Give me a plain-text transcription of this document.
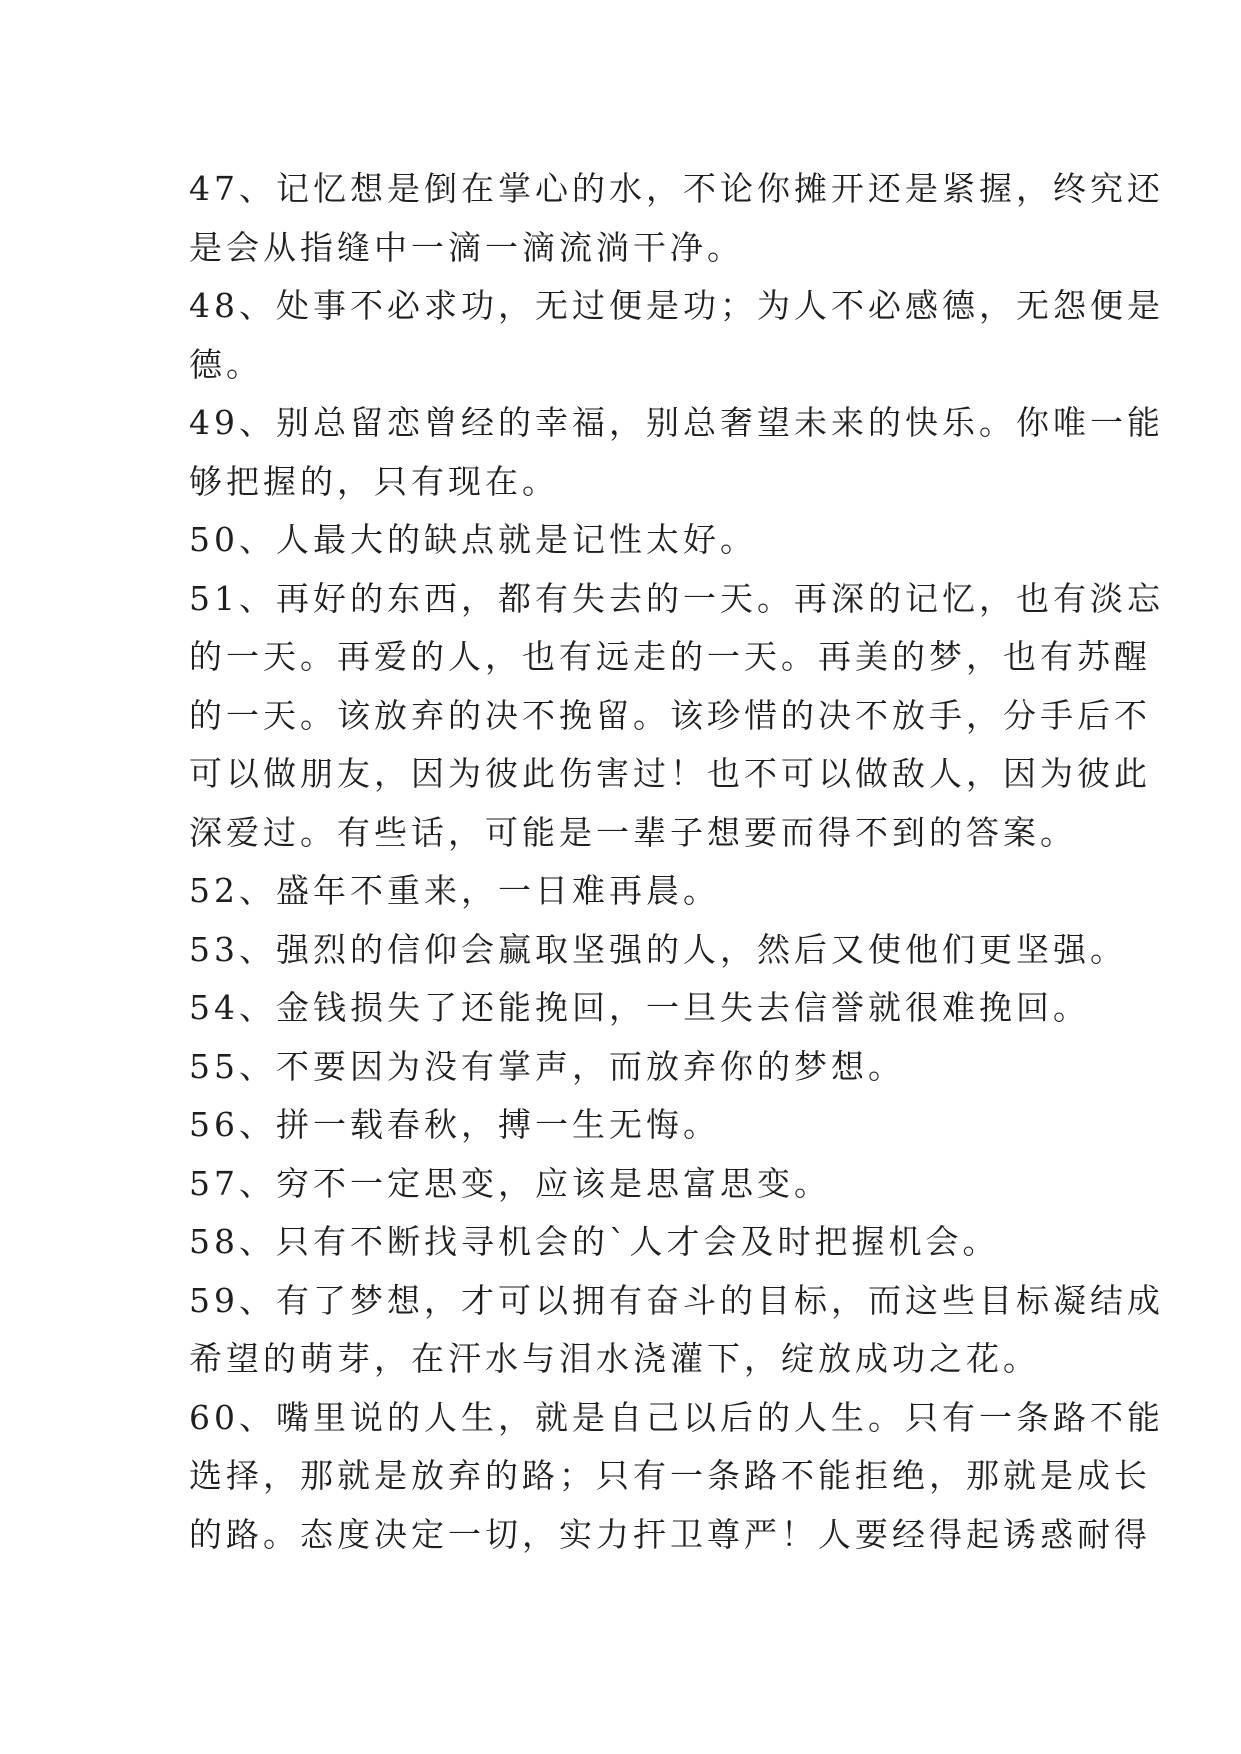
47、记忆想是倒在掌心的水，不论你摊开还是紧握，终究还
是会从指缝中一滴一滴流淌干净。
48、处事不必求功，无过便是功；为人不必感德，无怨便是
德。
49、别总留恋曾经的幸福，别总奢望未来的快乐。你唯一能
够把握的，只有现在。
50、人最大的缺点就是记性太好。
51、再好的东西，都有失去的一天。再深的记忆，也有淡忘
的一天。再爱的人，也有远走的一天。再美的梦，也有苏醒
的一天。该放弃的决不挽留。该珍惜的决不放手，分手后不
可以做朋友，因为彼此伤害过！也不可以做敌人，因为彼此
深爱过。有些话，可能是一辈子想要而得不到的答案。
52、盛年不重来，一日难再晨。
53、强烈的信仰会赢取坚强的人，然后又使他们更坚强。
54、金钱损失了还能挽回，一旦失去信誉就很难挽回。
55、不要因为没有掌声，而放弃你的梦想。
56、拼一载春秋，搏一生无悔。
57、穷不一定思变，应该是思富思变。
58、只有不断找寻机会的`人才会及时把握机会。
59、有了梦想，才可以拥有奋斗的目标，而这些目标凝结成
希望的萌芽，在汗水与泪水浇灌下，绽放成功之花。
60、嘴里说的人生，就是自己以后的人生。只有一条路不能
选择，那就是放弃的路；只有一条路不能拒绝，那就是成长
的路。态度决定一切，实力扞卫尊严！人要经得起诱惑耐得
